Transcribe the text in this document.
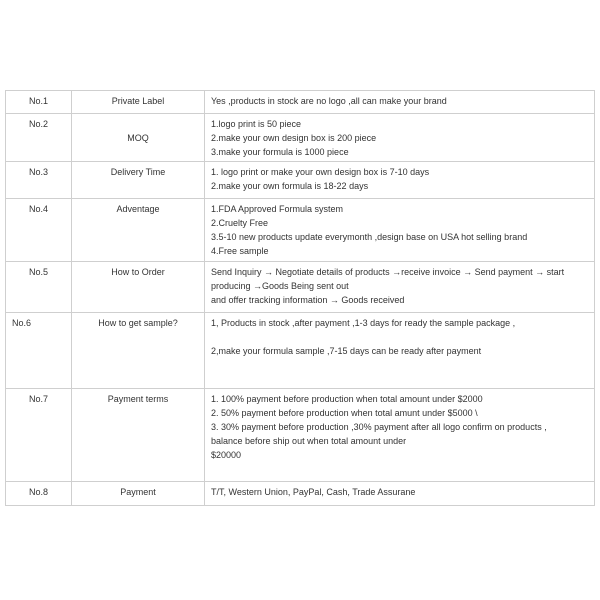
No.1	Private Label	Yes ,products in stock are no logo ,all can make your brand

No.2	MOQ	1.logo print is 50 piece
2.make your own design box is 200 piece
3.make your formula is 1000 piece

No.3	Delivery Time	1. logo print or make your own design box is 7-10 days
2.make your own formula is 18-22 days

No.4	Adventage	1.FDA Approved Formula system
2.Cruelty Free
3.5-10 new products update everymonth ,design base on USA hot selling brand
4.Free sample

No.5	How to Order	Send Inquiry → Negotiate details of products →receive invoice → Send payment → start
producing →Goods Being sent out
and offer tracking information → Goods received

No.6	How to get sample?	1, Products in stock ,after payment ,1-3 days for ready the sample package ,
2,make your formula sample ,7-15 days can be ready after payment

No.7	Payment terms	1. 100% payment before production when total amount under $2000
2. 50% payment before production when total amunt under $5000 \
3. 30% payment before production ,30% payment after all logo confirm on products ,
balance before ship out when total amount under
$20000

No.8	Payment	T/T, Western Union, PayPal, Cash, Trade Assurane
